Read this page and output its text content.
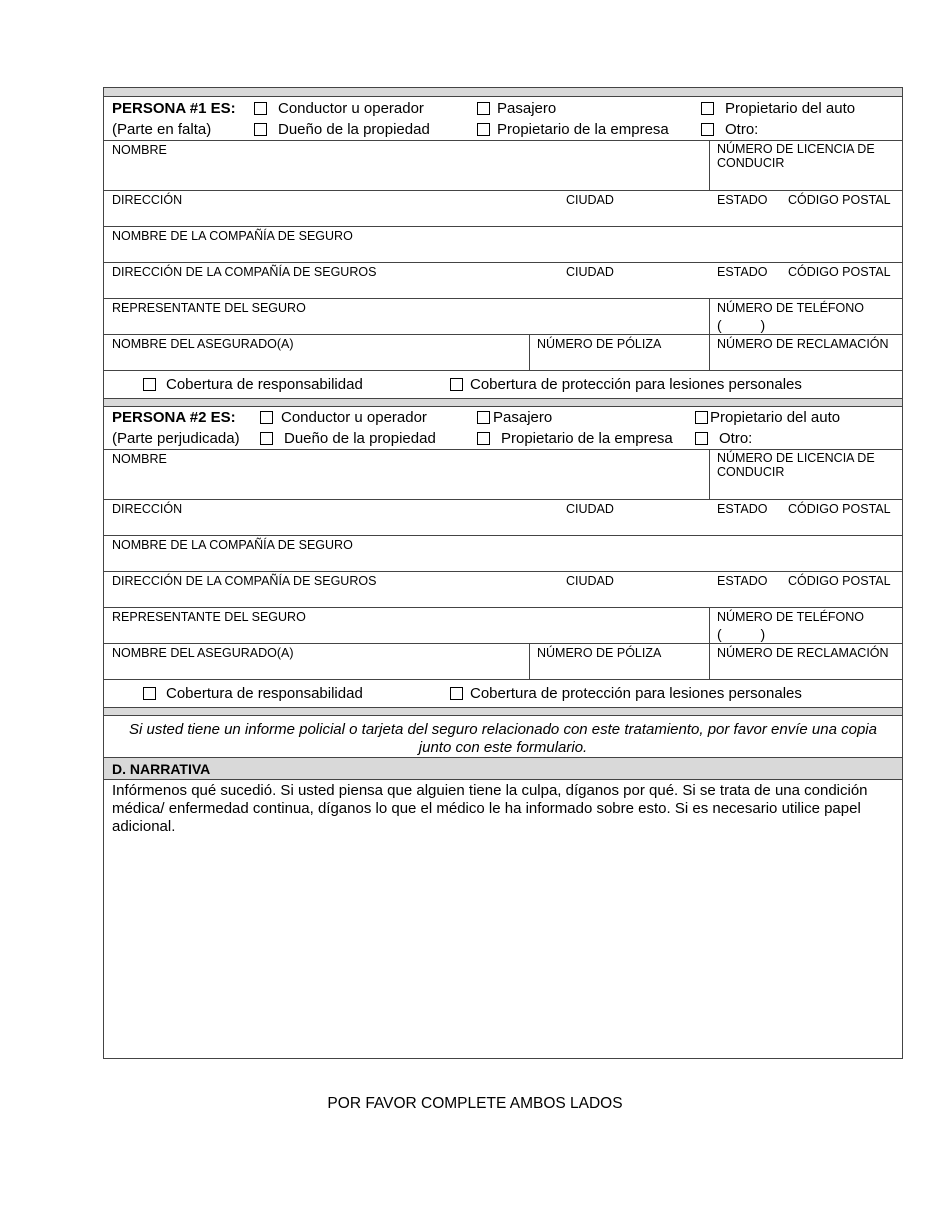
PERSONA #1 ES:	Conductor u operador	Pasajero	Propietario del auto
(Parte en falta)	Dueño de la propiedad	Propietario de la empresa	Otro:
NOMBRE	NÚMERO DE LICENCIA DE CONDUCIR
DIRECCIÓN	CIUDAD	ESTADO CÓDIGO POSTAL
NOMBRE DE LA COMPAÑÍA DE SEGURO
DIRECCIÓN DE LA COMPAÑÍA DE SEGUROS	CIUDAD	ESTADO CÓDIGO POSTAL
REPRESENTANTE DEL SEGURO	NÚMERO DE TELÉFONO
(          )
NOMBRE DEL ASEGURADO(A)	NÚMERO DE PÓLIZA	NÚMERO DE RECLAMACIÓN
Cobertura de responsabilidad	Cobertura de protección para lesiones personales
PERSONA #2 ES:	Conductor u operador	Pasajero	Propietario del auto
(Parte perjudicada)	Dueño de la propiedad	Propietario de la empresa	Otro:
NOMBRE	NÚMERO DE LICENCIA DE CONDUCIR
DIRECCIÓN	CIUDAD	ESTADO CÓDIGO POSTAL
NOMBRE DE LA COMPAÑÍA DE SEGURO
DIRECCIÓN DE LA COMPAÑÍA DE SEGUROS	CIUDAD	ESTADO CÓDIGO POSTAL
REPRESENTANTE DEL SEGURO	NÚMERO DE TELÉFONO
(          )
NOMBRE DEL ASEGURADO(A)	NÚMERO DE PÓLIZA	NÚMERO DE RECLAMACIÓN
Cobertura de responsabilidad	Cobertura de protección para lesiones personales
Si usted tiene un informe policial o tarjeta del seguro relacionado con este tratamiento, por favor envíe una copia junto con este formulario.
D. NARRATIVA
Infórmenos qué sucedió. Si usted piensa que alguien tiene la culpa, díganos por qué. Si se trata de una condición médica/ enfermedad continua, díganos lo que el médico le ha informado sobre esto. Si es necesario utilice papel adicional.
POR FAVOR COMPLETE AMBOS LADOS
